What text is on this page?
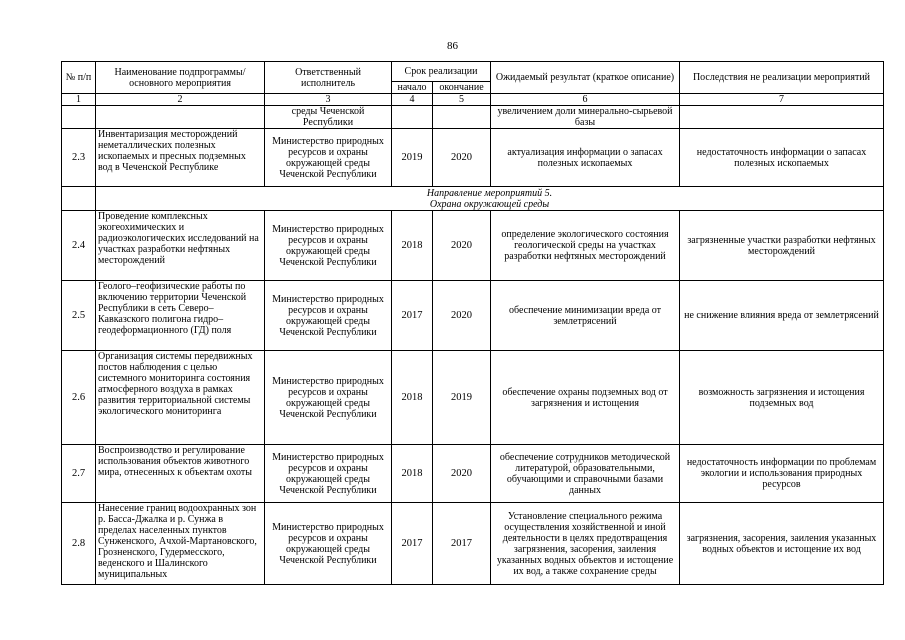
86
№ п/п	Наименование подпрограммы/ основного мероприятия	Ответственный исполнитель	Срок реализации		Ожидаемый результат (краткое описание)	Последствия не реализации мероприятий
			начало	окончание		
1	2	3	4	5	6	7
		среды Чеченской Республики			увеличением доли минерально-сырьевой базы	
2.3	Инвентаризация месторождений неметаллических полезных ископаемых и пресных подземных вод в Чеченской Республике	Министерство природных ресурсов и охраны окружающей среды Чеченской Республики	2019	2020	актуализация информации о запасах полезных ископаемых	недостаточность информации о запасах полезных ископаемых

	Направление мероприятий 5.
Охрана окружающей среды					

2.4	Проведение комплексных экогеохимических и радиоэкологических исследований на участках разработки нефтяных месторождений	Министерство природных ресурсов и охраны окружающей среды Чеченской Республики	2018	2020	определение экологического состояния геологической среды на участках разработки нефтяных месторождений	загрязненные участки разработки нефтяных месторождений
2.5	Геолого–геофизические работы по включению территории Чеченской Республики в сеть Северо–Кавказского полигона гидро–геодеформационного (ГД) поля	Министерство природных ресурсов и охраны окружающей среды Чеченской Республики	2017	2020	обеспечение минимизации вреда от землетрясений	не снижение влияния вреда от землетрясений
2.6	Организация системы передвижных постов наблюдения с целью системного мониторинга состояния атмосферного воздуха в рамках развития территориальной системы экологического мониторинга	Министерство природных ресурсов и охраны окружающей среды Чеченской Республики	2018	2019	обеспечение охраны подземных вод от загрязнения и истощения	возможность загрязнения и истощения подземных вод
2.7	Воспроизводство и регулирование использования объектов животного мира, отнесенных к объектам охоты	Министерство природных ресурсов и охраны окружающей среды Чеченской Республики	2018	2020	обеспечение сотрудников методической литературой, образовательными, обучающими и справочными базами данных	недостаточность информации по проблемам экологии и использования природных ресурсов
2.8	Нанесение границ водоохранных зон р. Басса-Джалка и р. Сунжа в пределах населенных пунктов Сунженского, Ачхой-Мартановского, Грозненского, Гудермесского, веденского и Шалинского муниципальных	Министерство природных ресурсов и охраны окружающей среды Чеченской Республики	2017	2017	Установление специального режима осуществления хозяйственной и иной деятельности в целях предотвращения загрязнения, засорения, заиления указанных водных объектов и истощение их вод, а также сохранение среды	загрязнения, засорения, заиления указанных водных объектов и истощение их вод
